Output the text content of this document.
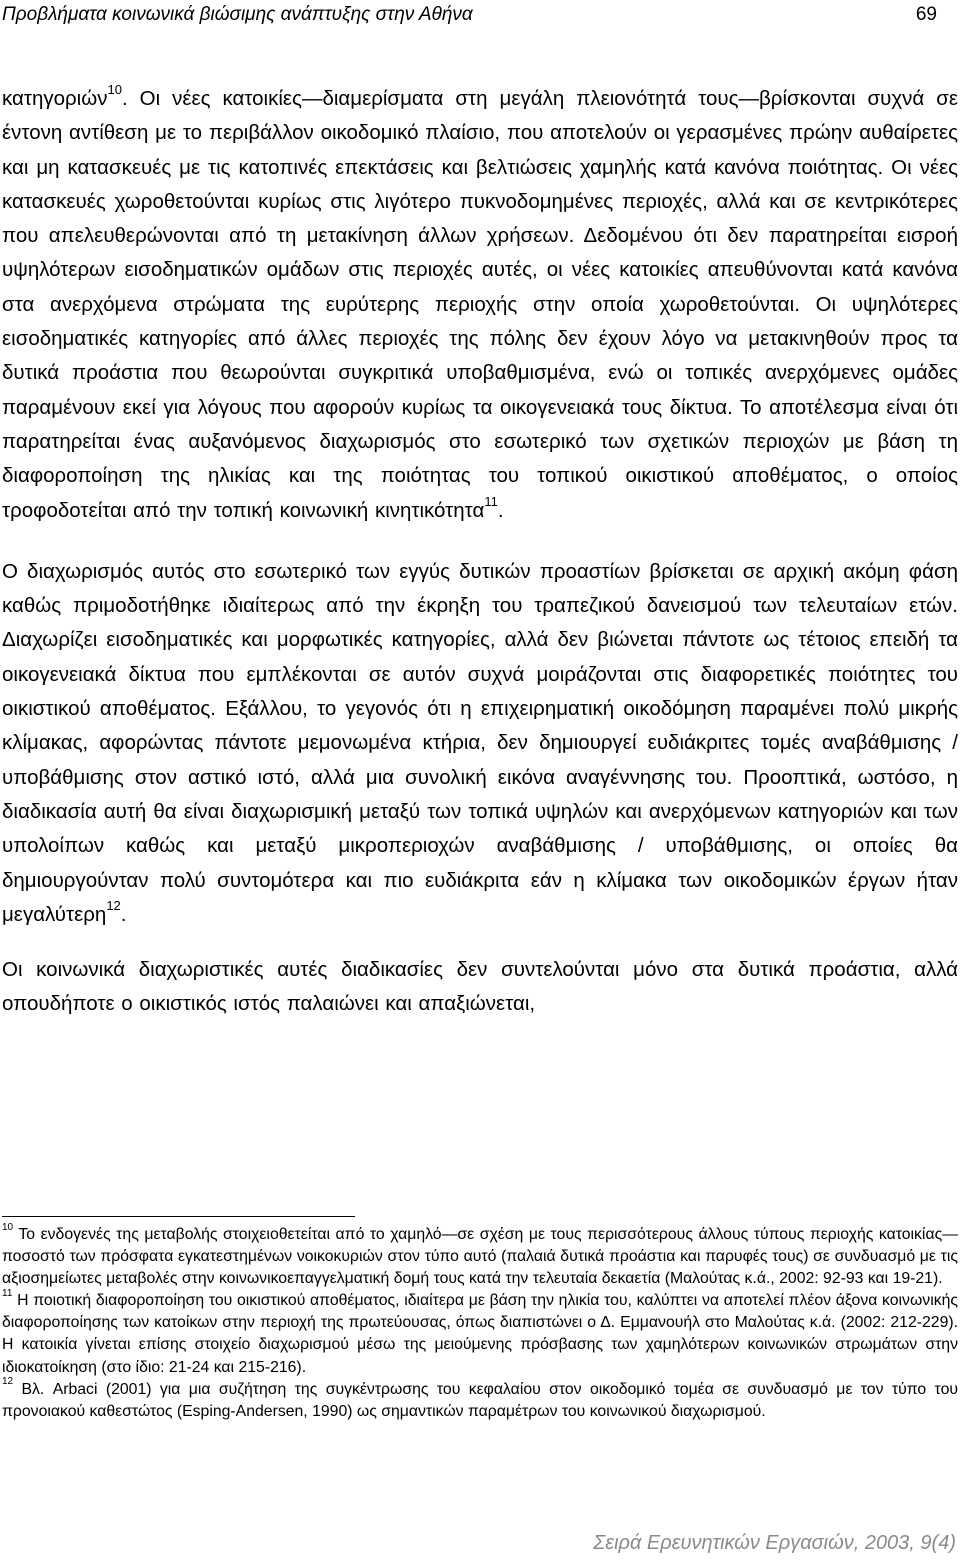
Προβλήματα κοινωνικά βιώσιμης ανάπτυξης στην Αθήνα	69

κατηγοριών$^{10}$. Οι νέες κατοικίες—διαμερίσματα στη μεγάλη πλειονότητά τους—βρίσκονται συχνά σε έντονη αντίθεση με το περιβάλλον οικοδομικό πλαίσιο, που αποτελούν οι γερασμένες πρώην αυθαίρετες και μη κατασκευές με τις κατοπινές επεκτάσεις και βελτιώσεις χαμηλής κατά κανόνα ποιότητας. Οι νέες κατασκευές χωροθετούνται κυρίως στις λιγότερο πυκνοδομημένες περιοχές, αλλά και σε κεντρικότερες που απελευθερώνονται από τη μετακίνηση άλλων χρήσεων. Δεδομένου ότι δεν παρατηρείται εισροή υψηλότερων εισοδηματικών ομάδων στις περιοχές αυτές, οι νέες κατοικίες απευθύνονται κατά κανόνα στα ανερχόμενα στρώματα της ευρύτερης περιοχής στην οποία χωροθετούνται. Οι υψηλότερες εισοδηματικές κατηγορίες από άλλες περιοχές της πόλης δεν έχουν λόγο να μετακινηθούν προς τα δυτικά προάστια που θεωρούνται συγκριτικά υποβαθμισμένα, ενώ οι τοπικές ανερχόμενες ομάδες παραμένουν εκεί για λόγους που αφορούν κυρίως τα οικογενειακά τους δίκτυα. Το αποτέλεσμα είναι ότι παρατηρείται ένας αυξανόμενος διαχωρισμός στο εσωτερικό των σχετικών περιοχών με βάση τη διαφοροποίηση της ηλικίας και της ποιότητας του τοπικού οικιστικού αποθέματος, ο οποίος τροφοδοτείται από την τοπική κοινωνική κινητικότητα$^{11}$.

Ο διαχωρισμός αυτός στο εσωτερικό των εγγύς δυτικών προαστίων βρίσκεται σε αρχική ακόμη φάση καθώς πριμοδοτήθηκε ιδιαίτερως από την έκρηξη του τραπεζικού δανεισμού των τελευταίων ετών. Διαχωρίζει εισοδηματικές και μορφωτικές κατηγορίες, αλλά δεν βιώνεται πάντοτε ως τέτοιος επειδή τα οικογενειακά δίκτυα που εμπλέκονται σε αυτόν συχνά μοιράζονται στις διαφορετικές ποιότητες του οικιστικού αποθέματος. Εξάλλου, το γεγονός ότι η επιχειρηματική οικοδόμηση παραμένει πολύ μικρής κλίμακας, αφορώντας πάντοτε μεμονωμένα κτήρια, δεν δημιουργεί ευδιάκριτες τομές αναβάθμισης / υποβάθμισης στον αστικό ιστό, αλλά μια συνολική εικόνα αναγέννησης του. Προοπτικά, ωστόσο, η διαδικασία αυτή θα είναι διαχωρισμική μεταξύ των τοπικά υψηλών και ανερχόμενων κατηγοριών και των υπολοίπων καθώς και μεταξύ μικροπεριοχών αναβάθμισης / υποβάθμισης, οι οποίες θα δημιουργούνταν πολύ συντομότερα και πιο ευδιάκριτα εάν η κλίμακα των οικοδομικών έργων ήταν μεγαλύτερη$^{12}$.

Οι κοινωνικά διαχωριστικές αυτές διαδικασίες δεν συντελούνται μόνο στα δυτικά προάστια, αλλά οπουδήποτε ο οικιστικός ιστός παλαιώνει και απαξιώνεται,

$^{10}$ Το ενδογενές της μεταβολής στοιχειοθετείται από το χαμηλό—σε σχέση με τους περισσότερους άλλους τύπους περιοχής κατοικίας—ποσοστό των πρόσφατα εγκατεστημένων νοικοκυριών στον τύπο αυτό (παλαιά δυτικά προάστια και παρυφές τους) σε συνδυασμό με τις αξιοσημείωτες μεταβολές στην κοινωνικοεπαγγελματική δομή τους κατά την τελευταία δεκαετία (Μαλούτας κ.ά., 2002: 92-93 και 19-21).

$^{11}$ Η ποιοτική διαφοροποίηση του οικιστικού αποθέματος, ιδιαίτερα με βάση την ηλικία του, καλύπτει να αποτελεί πλέον άξονα κοινωνικής διαφοροποίησης των κατοίκων στην περιοχή της πρωτεύουσας, όπως διαπιστώνει ο Δ. Εμμανουήλ στο Μαλούτας κ.ά. (2002: 212-229). Η κατοικία γίνεται επίσης στοιχείο διαχωρισμού μέσω της μειούμενης πρόσβασης των χαμηλότερων κοινωνικών στρωμάτων στην ιδιοκατοίκηση (στο ίδιο: 21-24 και 215-216).

$^{12}$ Βλ. Arbaci (2001) για μια συζήτηση της συγκέντρωσης του κεφαλαίου στον οικοδομικό τομέα σε συνδυασμό με τον τύπο του προνοιακού καθεστώτος (Esping-Andersen, 1990) ως σημαντικών παραμέτρων του κοινωνικού διαχωρισμού.

Σειρά Ερευνητικών Εργασιών, 2003, 9(4)
